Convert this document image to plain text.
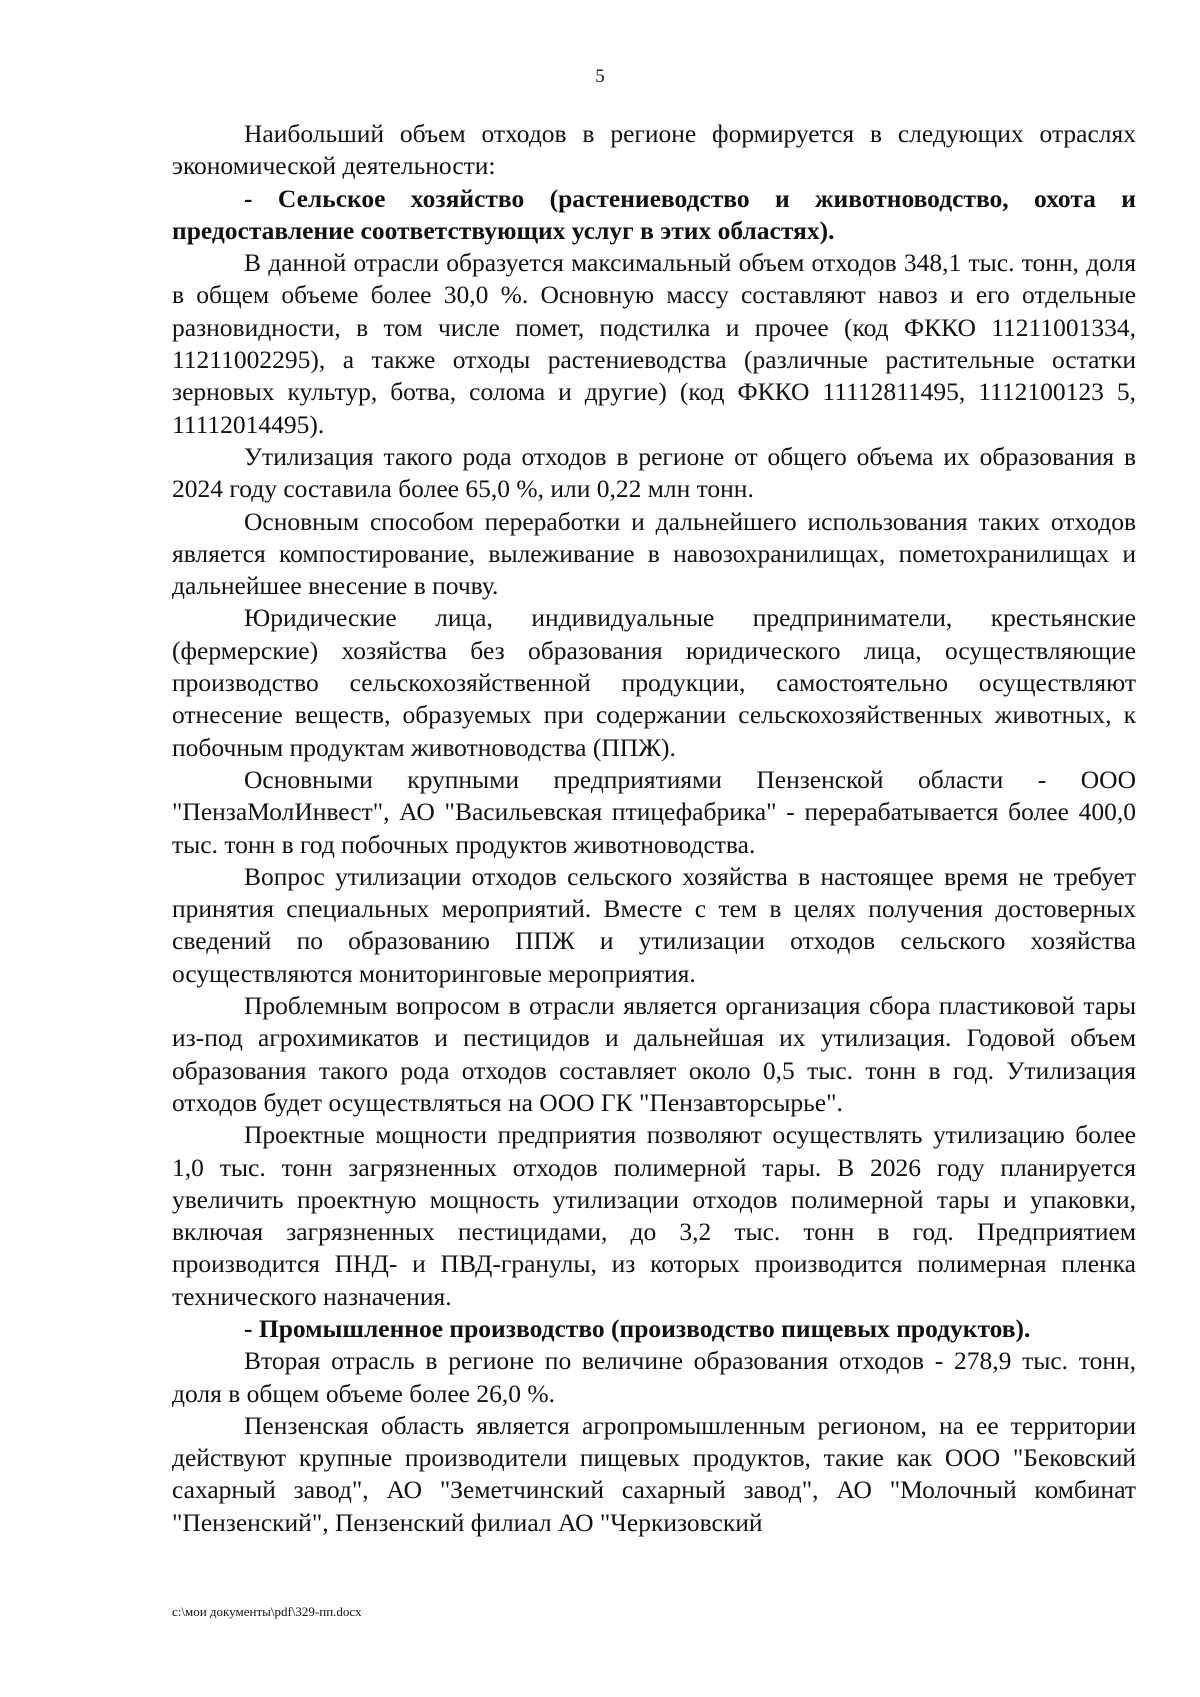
5

Наибольший объем отходов в регионе формируется в следующих отраслях экономической деятельности:

- Сельское хозяйство (растениеводство и животноводство, охота и предоставление соответствующих услуг в этих областях).

В данной отрасли образуется максимальный объем отходов 348,1 тыс. тонн, доля в общем объеме более 30,0 %. Основную массу составляют навоз и его отдельные разновидности, в том числе помет, подстилка и прочее (код ФККО 11211001334, 11211002295), а также отходы растениеводства (различные растительные остатки зерновых культур, ботва, солома и другие) (код ФККО 11112811495, 1112100123 5, 11112014495).

Утилизация такого рода отходов в регионе от общего объема их образования в 2024 году составила более 65,0 %, или 0,22 млн тонн.

Основным способом переработки и дальнейшего использования таких отходов является компостирование, вылеживание в навозохранилищах, пометохранилищах и дальнейшее внесение в почву.

Юридические лица, индивидуальные предприниматели, крестьянские (фермерские) хозяйства без образования юридического лица, осуществляющие производство сельскохозяйственной продукции, самостоятельно осуществляют отнесение веществ, образуемых при содержании сельскохозяйственных животных, к побочным продуктам животноводства (ППЖ).

Основными крупными предприятиями Пензенской области - ООО "ПензаМолИнвест", АО "Васильевская птицефабрика" - перерабатывается более 400,0 тыс. тонн в год побочных продуктов животноводства.

Вопрос утилизации отходов сельского хозяйства в настоящее время не требует принятия специальных мероприятий. Вместе с тем в целях получения достоверных сведений по образованию ППЖ и утилизации отходов сельского хозяйства осуществляются мониторинговые мероприятия.

Проблемным вопросом в отрасли является организация сбора пластиковой тары из-под агрохимикатов и пестицидов и дальнейшая их утилизация. Годовой объем образования такого рода отходов составляет около 0,5 тыс. тонн в год. Утилизация отходов будет осуществляться на ООО ГК "Пензавторсырье".

Проектные мощности предприятия позволяют осуществлять утилизацию более 1,0 тыс. тонн загрязненных отходов полимерной тары. В 2026 году планируется увеличить проектную мощность утилизации отходов полимерной тары и упаковки, включая загрязненных пестицидами, до 3,2 тыс. тонн в год. Предприятием производится ПНД- и ПВД-гранулы, из которых производится полимерная пленка технического назначения.

- Промышленное производство (производство пищевых продуктов).

Вторая отрасль в регионе по величине образования отходов - 278,9 тыс. тонн, доля в общем объеме более 26,0 %.

Пензенская область является агропромышленным регионом, на ее территории действуют крупные производители пищевых продуктов, такие как ООО "Бековский сахарный завод", АО "Земетчинский сахарный завод", АО "Молочный комбинат "Пензенский", Пензенский филиал АО "Черкизовский

c:\мои документы\pdf\329-пп.docx
